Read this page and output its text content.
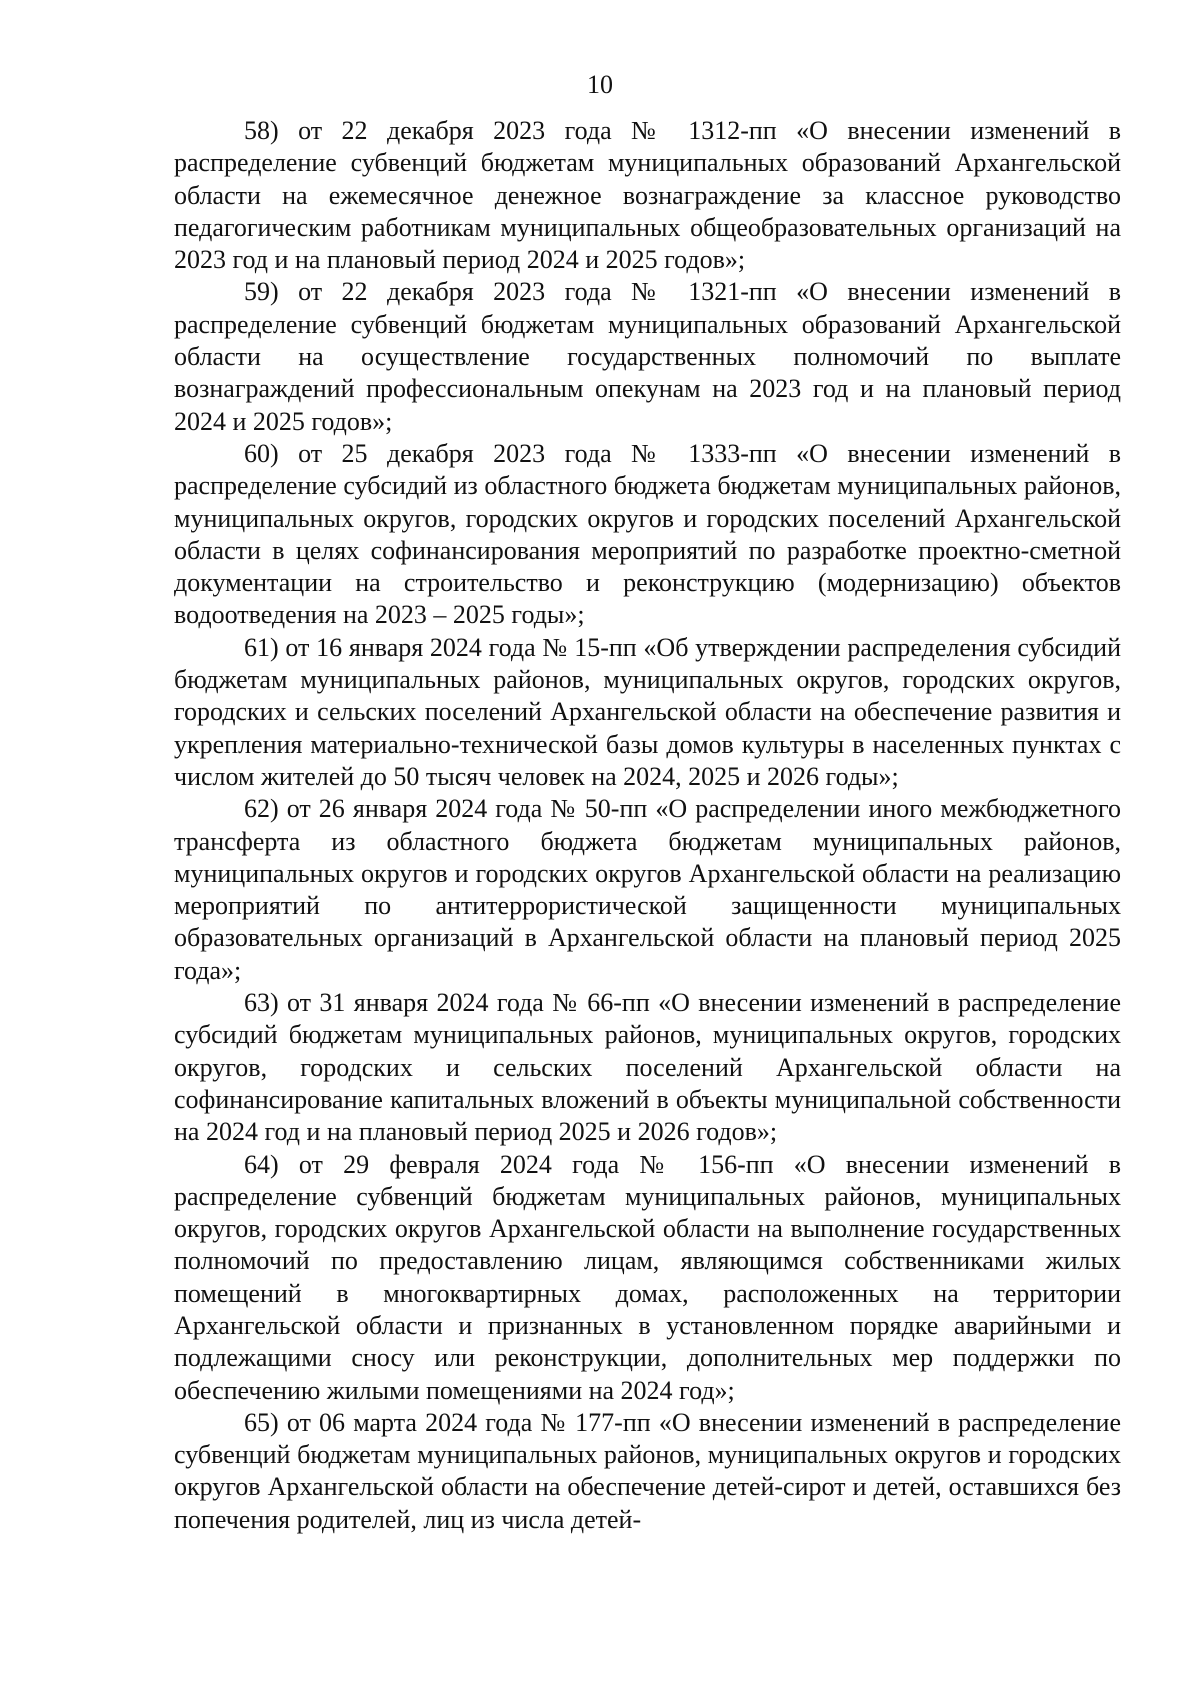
10

58) от 22 декабря 2023 года № 1312-пп «О внесении изменений в распределение субвенций бюджетам муниципальных образований Архангельской области на ежемесячное денежное вознаграждение за классное руководство педагогическим работникам муниципальных общеобразовательных организаций на 2023 год и на плановый период 2024 и 2025 годов»;

59) от 22 декабря 2023 года № 1321-пп «О внесении изменений в распределение субвенций бюджетам муниципальных образований Архангельской области на осуществление государственных полномочий по выплате вознаграждений профессиональным опекунам на 2023 год и на плановый период 2024 и 2025 годов»;

60) от 25 декабря 2023 года № 1333-пп «О внесении изменений в распределение субсидий из областного бюджета бюджетам муниципальных районов, муниципальных округов, городских округов и городских поселений Архангельской области в целях софинансирования мероприятий по разработке проектно-сметной документации на строительство и реконструкцию (модернизацию) объектов водоотведения на 2023 – 2025 годы»;

61) от 16 января 2024 года № 15-пп «Об утверждении распределения субсидий бюджетам муниципальных районов, муниципальных округов, городских округов, городских и сельских поселений Архангельской области на обеспечение развития и укрепления материально-технической базы домов культуры в населенных пунктах с числом жителей до 50 тысяч человек на 2024, 2025 и 2026 годы»;

62) от 26 января 2024 года № 50-пп «О распределении иного межбюджетного трансферта из областного бюджета бюджетам муниципальных районов, муниципальных округов и городских округов Архангельской области на реализацию мероприятий по антитеррористической защищенности муниципальных образовательных организаций в Архангельской области на плановый период 2025 года»;

63) от 31 января 2024 года № 66-пп «О внесении изменений в распределение субсидий бюджетам муниципальных районов, муниципальных округов, городских округов, городских и сельских поселений Архангельской области на софинансирование капитальных вложений в объекты муниципальной собственности на 2024 год и на плановый период 2025 и 2026 годов»;

64) от 29 февраля 2024 года № 156-пп «О внесении изменений в распределение субвенций бюджетам муниципальных районов, муниципальных округов, городских округов Архангельской области на выполнение государственных полномочий по предоставлению лицам, являющимся собственниками жилых помещений в многоквартирных домах, расположенных на территории Архангельской области и признанных в установленном порядке аварийными и подлежащими сносу или реконструкции, дополнительных мер поддержки по обеспечению жилыми помещениями на 2024 год»;

65) от 06 марта 2024 года № 177-пп «О внесении изменений в распределение субвенций бюджетам муниципальных районов, муниципальных округов и городских округов Архангельской области на обеспечение детей-сирот и детей, оставшихся без попечения родителей, лиц из числа детей-
